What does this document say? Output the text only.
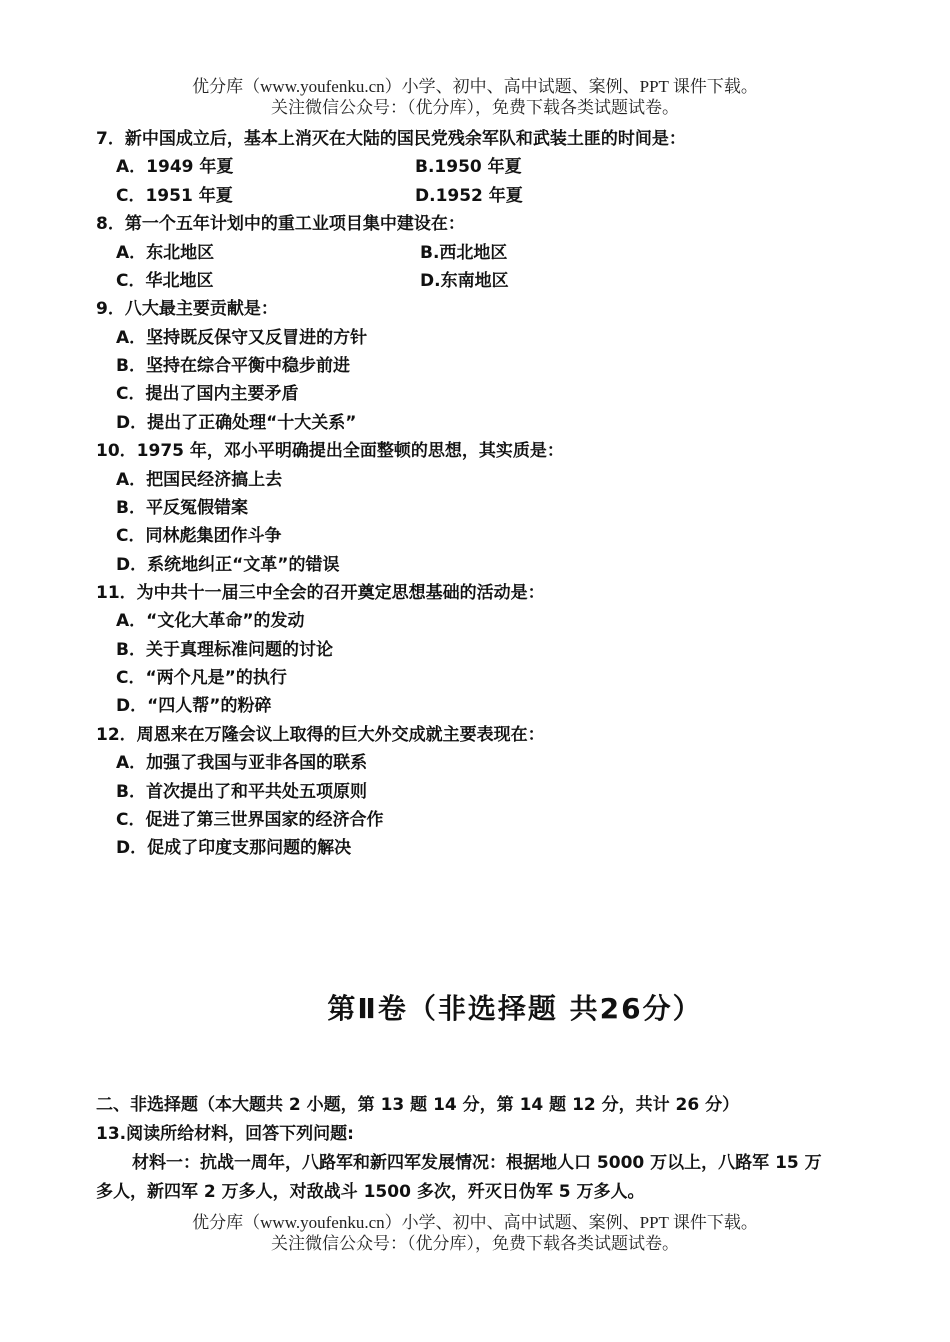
优分库（www.youfenku.cn）小学、初中、高中试题、案例、PPT 课件下载。
关注微信公众号：（优分库），免费下载各类试题试卷。
7．新中国成立后，基本上消灭在大陆的国民党残余军队和武装土匪的时间是：
A．1949 年夏	B.1950 年夏
C．1951 年夏	D.1952 年夏
8．第一个五年计划中的重工业项目集中建设在：
A．东北地区	B.西北地区
C．华北地区	D.东南地区
9．八大最主要贡献是：
A．坚持既反保守又反冒进的方针
B．坚持在综合平衡中稳步前进
C．提出了国内主要矛盾
D．提出了正确处理“十大关系”
10．1975 年，邓小平明确提出全面整顿的思想，其实质是：
A．把国民经济搞上去
B．平反冤假错案
C．同林彪集团作斗争
D．系统地纠正“文革”的错误
11．为中共十一届三中全会的召开奠定思想基础的活动是：
A．“文化大革命”的发动
B．关于真理标准问题的讨论
C．“两个凡是”的执行
D．“四人帮”的粉碎
12．周恩来在万隆会议上取得的巨大外交成就主要表现在：
A．加强了我国与亚非各国的联系
B．首次提出了和平共处五项原则
C．促进了第三世界国家的经济合作
D．促成了印度支那问题的解决
第Ⅱ卷（非选择题 共26分）
二、非选择题（本大题共 2 小题，第 13 题 14 分，第 14 题 12 分，共计 26 分）
13.阅读所给材料，回答下列问题:
材料一：抗战一周年，八路军和新四军发展情况：根据地人口 5000 万以上，八路军 15 万
多人，新四军 2 万多人，对敌战斗 1500 多次，歼灭日伪军 5 万多人。
优分库（www.youfenku.cn）小学、初中、高中试题、案例、PPT 课件下载。
关注微信公众号：（优分库），免费下载各类试题试卷。
